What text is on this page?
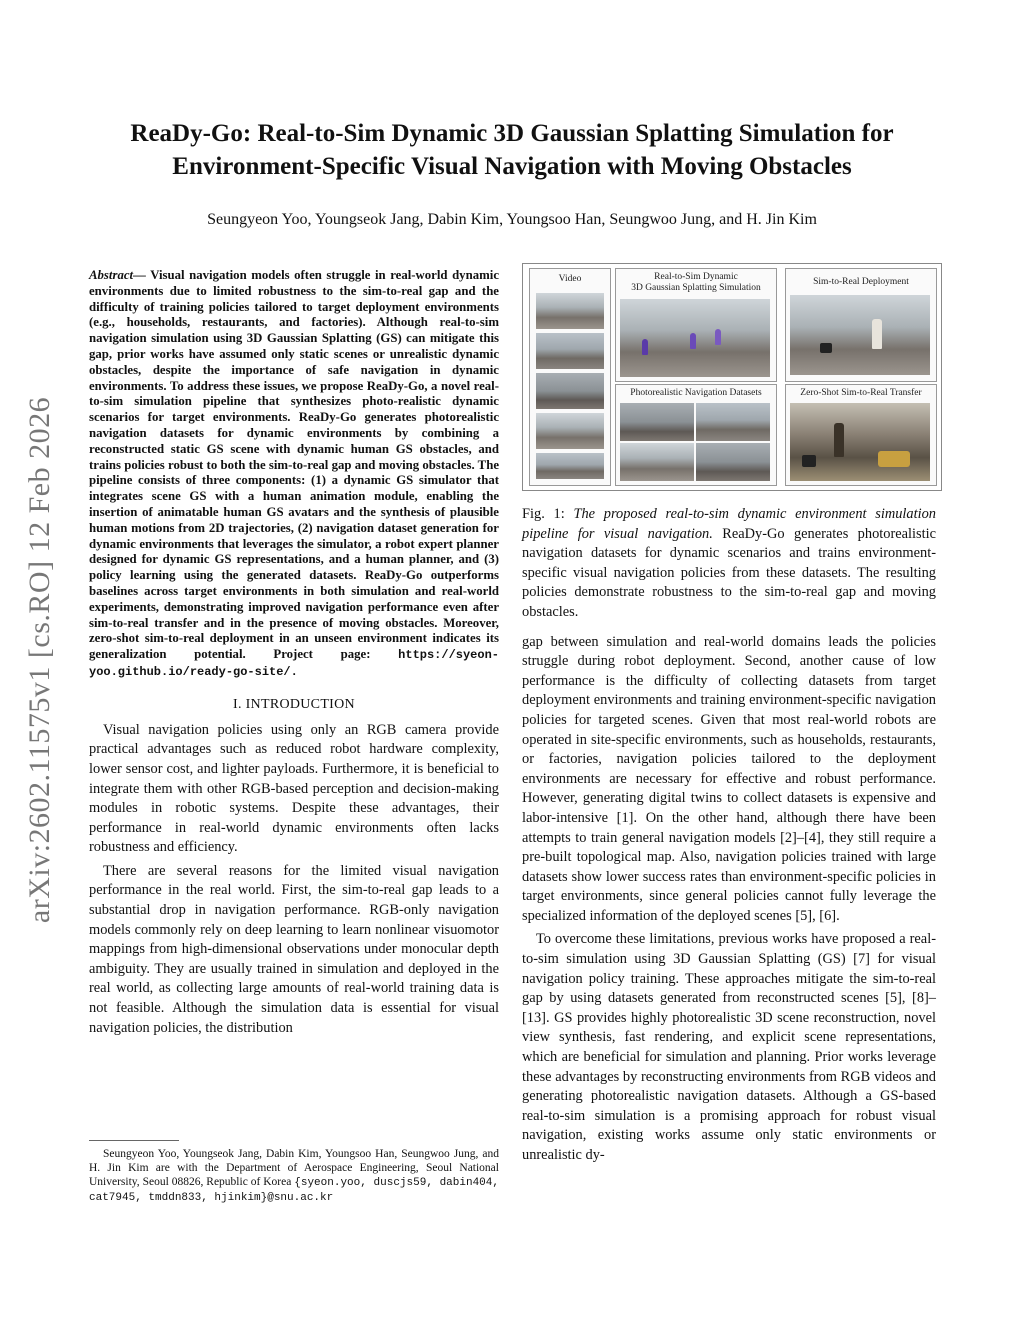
arXiv:2602.11575v1 [cs.RO] 12 Feb 2026
ReaDy-Go: Real-to-Sim Dynamic 3D Gaussian Splatting Simulation for
Environment-Specific Visual Navigation with Moving Obstacles
Seungyeon Yoo, Youngseok Jang, Dabin Kim, Youngsoo Han, Seungwoo Jung, and H. Jin Kim
Abstract— Visual navigation models often struggle in real-world dynamic environments due to limited robustness to the sim-to-real gap and the difficulty of training policies tailored to target deployment environments (e.g., households, restaurants, and factories). Although real-to-sim navigation simulation using 3D Gaussian Splatting (GS) can mitigate this gap, prior works have assumed only static scenes or unrealistic dynamic obstacles, despite the importance of safe navigation in dynamic environments. To address these issues, we propose ReaDy-Go, a novel real-to-sim simulation pipeline that synthesizes photo-realistic dynamic scenarios for target environments. ReaDy-Go generates photorealistic navigation datasets for dynamic environments by combining a reconstructed static GS scene with dynamic human GS obstacles, and trains policies robust to both the sim-to-real gap and moving obstacles. The pipeline consists of three components: (1) a dynamic GS simulator that integrates scene GS with a human animation module, enabling the insertion of animatable human GS avatars and the synthesis of plausible human motions from 2D trajectories, (2) navigation dataset generation for dynamic environments that leverages the simulator, a robot expert planner designed for dynamic GS representations, and a human planner, and (3) policy learning using the generated datasets. ReaDy-Go outperforms baselines across target environments in both simulation and real-world experiments, demonstrating improved navigation performance even after sim-to-real transfer and in the presence of moving obstacles. Moreover, zero-shot sim-to-real deployment in an unseen environment indicates its generalization potential. Project page: https://syeon-yoo.github.io/ready-go-site/.
I. INTRODUCTION

Visual navigation policies using only an RGB camera provide practical advantages such as reduced robot hardware complexity, lower sensor cost, and lighter payloads. Furthermore, it is beneficial to integrate them with other RGB-based perception and decision-making modules in robotic systems. Despite these advantages, their performance in real-world dynamic environments often lacks robustness and efficiency.

There are several reasons for the limited visual navigation performance in the real world. First, the sim-to-real gap leads to a substantial drop in navigation performance. RGB-only navigation models commonly rely on deep learning to learn nonlinear visuomotor mappings from high-dimensional observations under monocular depth ambiguity. They are usually trained in simulation and deployed in the real world, as collecting large amounts of real-world training data is not feasible. Although the simulation data is essential for visual navigation policies, the distribution

Seungyeon Yoo, Youngseok Jang, Dabin Kim, Youngsoo Han, Seungwoo Jung, and H. Jin Kim are with the Department of Aerospace Engineering, Seoul National University, Seoul 08826, Republic of Korea {syeon.yoo, duscjs59, dabin404, cat7945, tmddn833, hjinkim}@snu.ac.kr
Video	Real-to-Sim Dynamic
3D Gaussian Splatting Simulation
Sim-to-Real Deployment
Photorealistic Navigation Datasets	Zero-Shot Sim-to-Real Transfer
Fig. 1: The proposed real-to-sim dynamic environment simulation pipeline for visual navigation. ReaDy-Go generates photorealistic navigation datasets for dynamic scenarios and trains environment-specific visual navigation policies from these datasets. The resulting policies demonstrate robustness to the sim-to-real gap and moving obstacles.

gap between simulation and real-world domains leads the policies struggle during robot deployment. Second, another cause of low performance is the difficulty of collecting datasets from target deployment environments and training environment-specific navigation policies for targeted scenes. Given that most real-world robots are operated in site-specific environments, such as households, restaurants, or factories, navigation policies tailored to the deployment environments are necessary for effective and robust performance. However, generating digital twins to collect datasets is expensive and labor-intensive [1]. On the other hand, although there have been attempts to train general navigation models [2]–[4], they still require a pre-built topological map. Also, navigation policies trained with large datasets show lower success rates than environment-specific policies in target environments, since general policies cannot fully leverage the specialized information of the deployed scenes [5], [6].

To overcome these limitations, previous works have proposed a real-to-sim simulation using 3D Gaussian Splatting (GS) [7] for visual navigation policy training. These approaches mitigate the sim-to-real gap by using datasets generated from reconstructed scenes [5], [8]–[13]. GS provides highly photorealistic 3D scene reconstruction, novel view synthesis, fast rendering, and explicit scene representations, which are beneficial for simulation and planning. Prior works leverage these advantages by reconstructing environments from RGB videos and generating photorealistic navigation datasets. Although a GS-based real-to-sim simulation is a promising approach for robust visual navigation, existing works assume only static environments or unrealistic dy-
